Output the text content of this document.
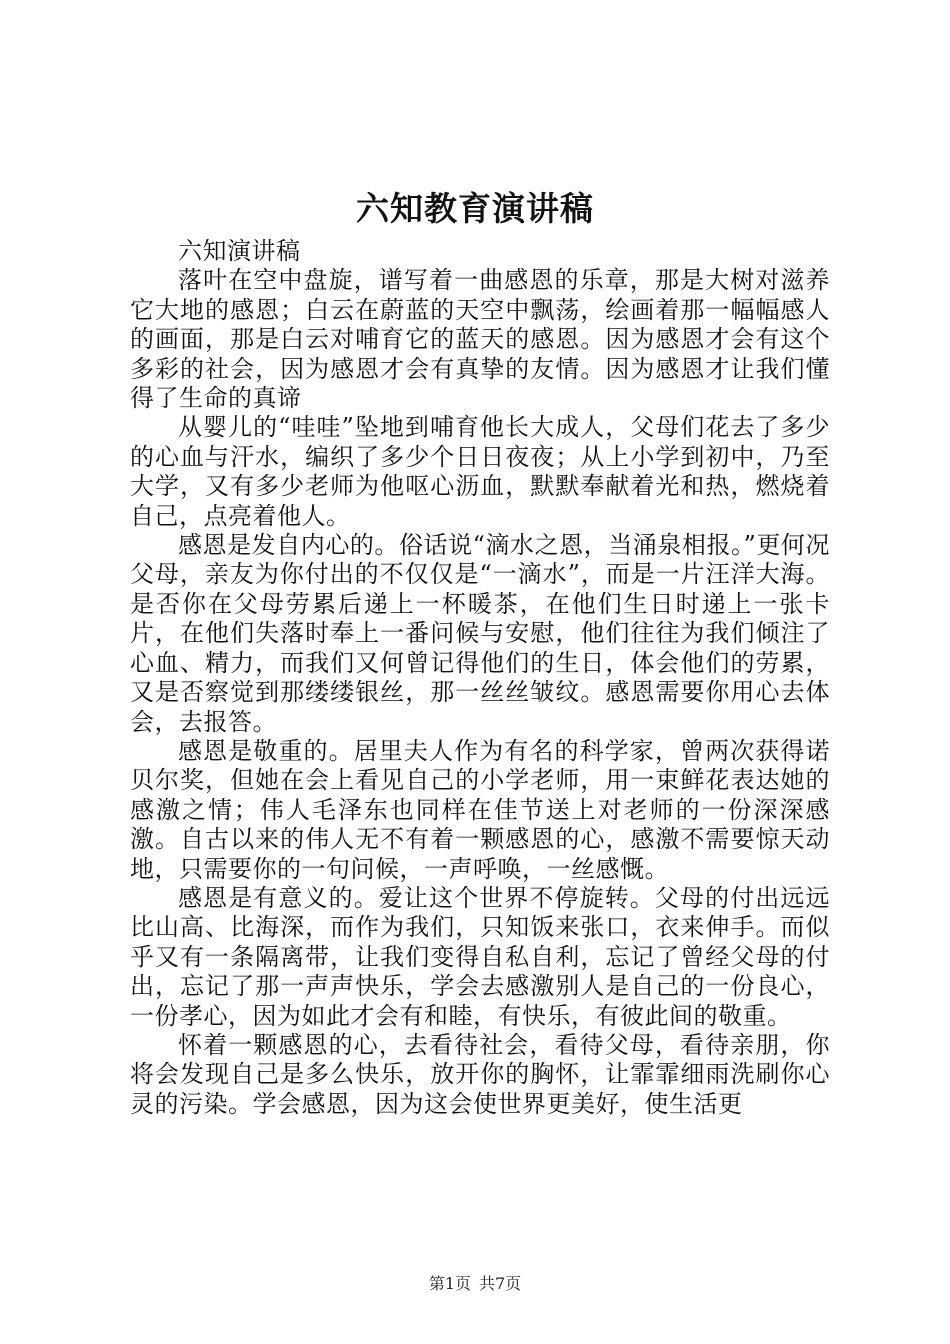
六知教育演讲稿

六知演讲稿

落叶在空中盘旋，谱写着一曲感恩的乐章，那是大树对滋养它大地的感恩；白云在蔚蓝的天空中飘荡，绘画着那一幅幅感人的画面，那是白云对哺育它的蓝天的感恩。因为感恩才会有这个多彩的社会，因为感恩才会有真挚的友情。因为感恩才让我们懂得了生命的真谛

从婴儿的“哇哇”坠地到哺育他长大成人，父母们花去了多少的心血与汗水，编织了多少个日日夜夜；从上小学到初中，乃至大学，又有多少老师为他呕心沥血，默默奉献着光和热，燃烧着自己，点亮着他人。

感恩是发自内心的。俗话说“滴水之恩，当涌泉相报。”更何况父母，亲友为你付出的不仅仅是“一滴水”，而是一片汪洋大海。是否你在父母劳累后递上一杯暖茶，在他们生日时递上一张卡片，在他们失落时奉上一番问候与安慰，他们往往为我们倾注了心血、精力，而我们又何曾记得他们的生日，体会他们的劳累，又是否察觉到那缕缕银丝，那一丝丝皱纹。感恩需要你用心去体会，去报答。

感恩是敬重的。居里夫人作为有名的科学家，曾两次获得诺贝尔奖，但她在会上看见自己的小学老师，用一束鲜花表达她的感激之情；伟人毛泽东也同样在佳节送上对老师的一份深深感激。自古以来的伟人无不有着一颗感恩的心，感激不需要惊天动地，只需要你的一句问候，一声呼唤，一丝感慨。

感恩是有意义的。爱让这个世界不停旋转。父母的付出远远比山高、比海深，而作为我们，只知饭来张口，衣来伸手。而似乎又有一条隔离带，让我们变得自私自利，忘记了曾经父母的付出，忘记了那一声声快乐，学会去感激别人是自己的一份良心，一份孝心，因为如此才会有和睦，有快乐，有彼此间的敬重。

怀着一颗感恩的心，去看待社会，看待父母，看待亲朋，你将会发现自己是多么快乐，放开你的胸怀，让霏霏细雨洗刷你心灵的污染。学会感恩，因为这会使世界更美好，使生活更

第1页 共7页
